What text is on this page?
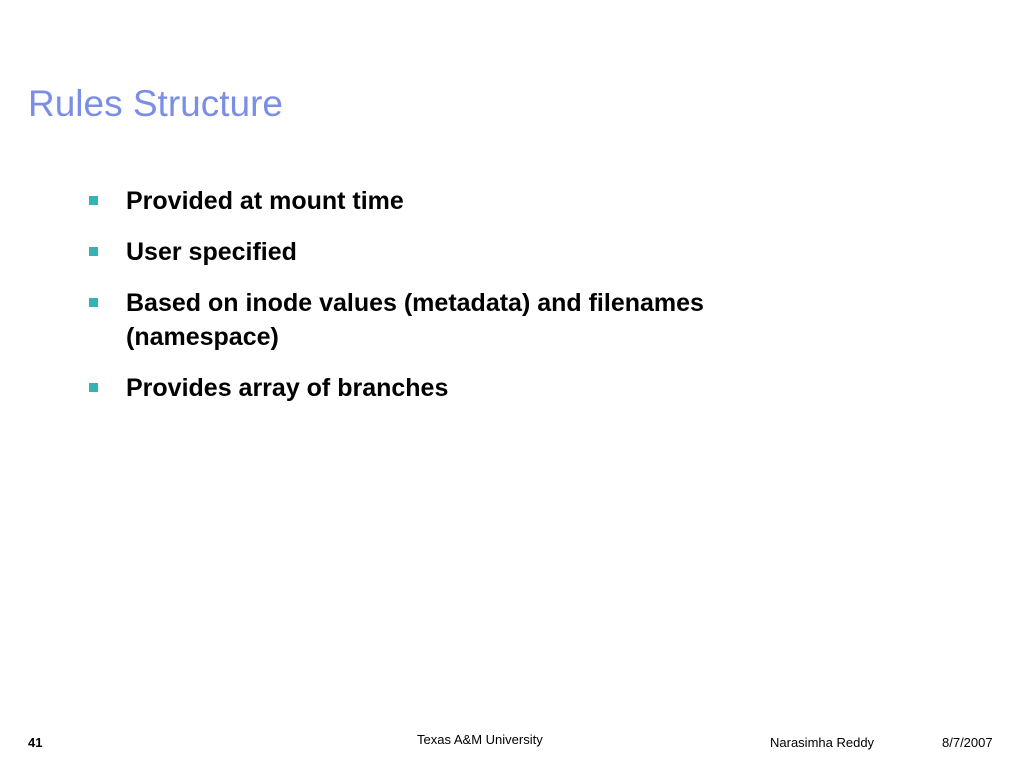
Rules Structure
Provided at mount time
User specified
Based on inode values (metadata) and filenames (namespace)
Provides array of branches
41	Texas A&M University	Narasimha Reddy	8/7/2007
